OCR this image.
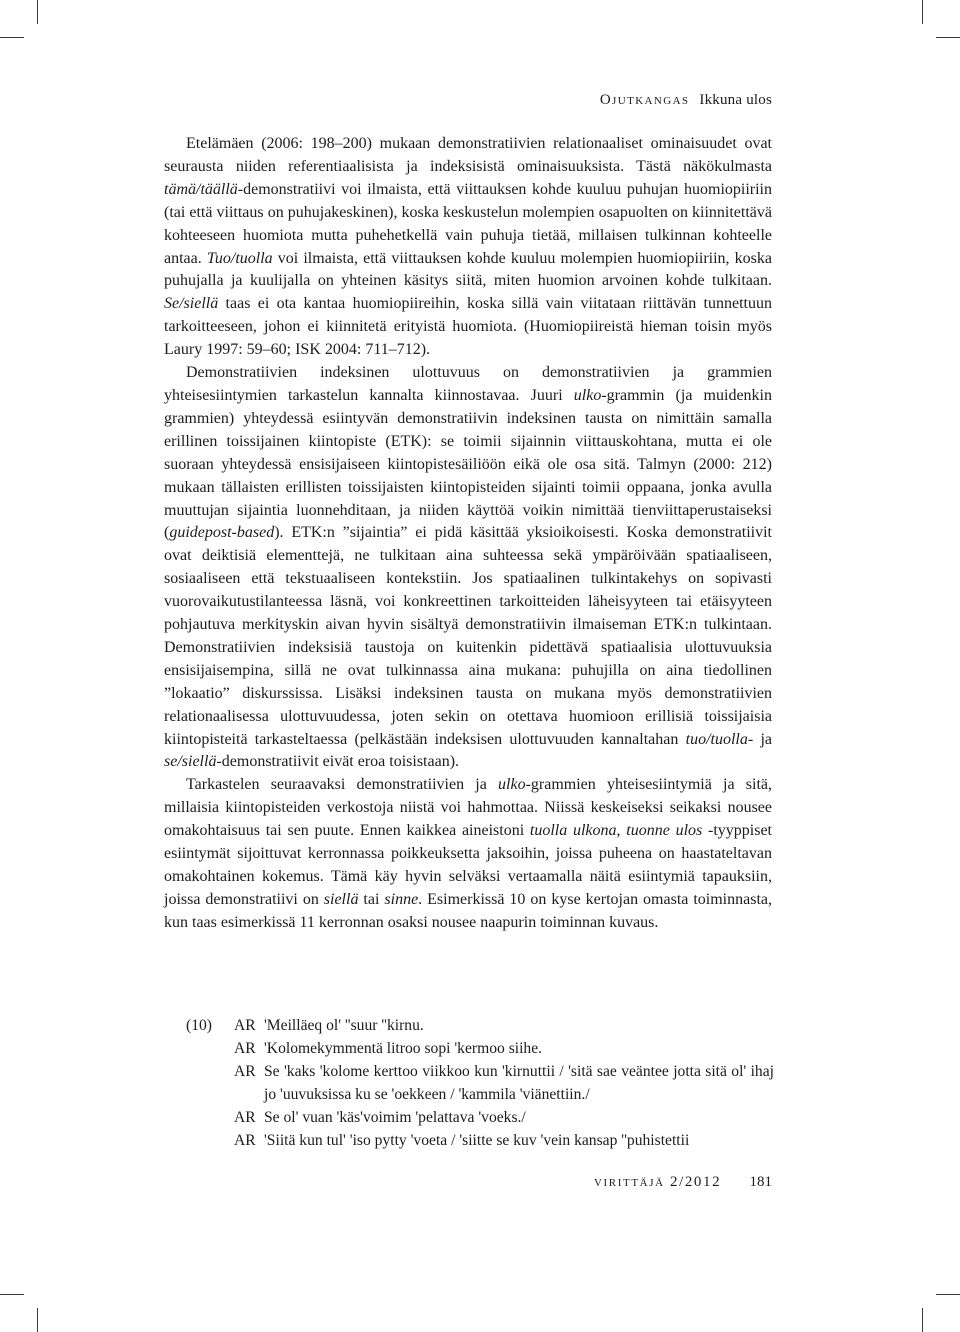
Ojutkangas Ikkuna ulos

Etelämäen (2006: 198–200) mukaan demonstratiivien relationaaliset ominaisuudet ovat seurausta niiden referentiaalisista ja indeksisistä ominaisuuksista. Tästä näkökulmasta tämä/täällä-demonstratiivi voi ilmaista, että viittauksen kohde kuuluu puhujan huomiopiiriin (tai että viittaus on puhujakeskinen), koska keskustelun molempien osapuolten on kiinnitettävä kohteeseen huomiota mutta puhehetkellä vain puhuja tietää, millaisen tulkinnan kohteelle antaa. Tuo/tuolla voi ilmaista, että viittauksen kohde kuuluu molempien huomiopiiriin, koska puhujalla ja kuulijalla on yhteinen käsitys siitä, miten huomion arvoinen kohde tulkitaan. Se/siellä taas ei ota kantaa huomiopiireihin, koska sillä vain viitataan riittävän tunnettuun tarkoitteeseen, johon ei kiinnitetä erityistä huomiota. (Huomiopiireistä hieman toisin myös Laury 1997: 59–60; ISK 2004: 711–712).

Demonstratiivien indeksinen ulottuvuus on demonstratiivien ja grammien yhteisesiintymien tarkastelun kannalta kiinnostavaa. Juuri ulko-grammin (ja muidenkin grammien) yhteydessä esiintyvän demonstratiivin indeksinen tausta on nimittäin samalla erillinen toissijainen kiintopiste (ETK): se toimii sijainnin viittauskohtana, mutta ei ole suoraan yhteydessä ensisijaiseen kiintopistesäiliöön eikä ole osa sitä. Talmyn (2000: 212) mukaan tällaisten erillisten toissijaisten kiintopisteiden sijainti toimii oppaana, jonka avulla muuttujan sijaintia luonnehditaan, ja niiden käyttöä voikin nimittää tienviittaperustaiseksi (guidepost-based). ETK:n ”sijaintia” ei pidä käsittää yksioikoisesti. Koska demonstratiivit ovat deiktisiä elementtejä, ne tulkitaan aina suhteessa sekä ympäröivään spatiaaliseen, sosiaaliseen että tekstuaaliseen kontekstiin. Jos spatiaalinen tulkintakehys on sopivasti vuorovaikutustilanteessa läsnä, voi konkreettinen tarkoitteiden läheisyyteen tai etäisyyteen pohjautuva merkityskin aivan hyvin sisältyä demonstratiivin ilmaiseman ETK:n tulkintaan. Demonstratiivien indeksisiä taustoja on kuitenkin pidettävä spatiaalisia ulottuvuuksia ensisijaisempina, sillä ne ovat tulkinnassa aina mukana: puhujilla on aina tiedollinen ”lokaatio” diskurssissa. Lisäksi indeksinen tausta on mukana myös demonstratiivien relationaalisessa ulottuvuudessa, joten sekin on otettava huomioon erillisiä toissijaisia kiintopisteitä tarkasteltaessa (pelkästään indeksisen ulottuvuuden kannaltahan tuo/tuolla- ja se/siellä-demonstratiivit eivät eroa toisistaan).

Tarkastelen seuraavaksi demonstratiivien ja ulko-grammien yhteisesiintymiä ja sitä, millaisia kiintopisteiden verkostoja niistä voi hahmottaa. Niissä keskeiseksi seikaksi nousee omakohtaisuus tai sen puute. Ennen kaikkea aineistoni tuolla ulkona, tuonne ulos -tyyppiset esiintymät sijoittuvat kerronnassa poikkeuksetta jaksoihin, joissa puheena on haastateltavan omakohtainen kokemus. Tämä käy hyvin selväksi vertaamalla näitä esiintymiä tapauksiin, joissa demonstratiivi on siellä tai sinne. Esimerkissä 10 on kyse kertojan omasta toiminnasta, kun taas esimerkissä 11 kerronnan osaksi nousee naapurin toiminnan kuvaus.

(10) AR 'Meilläeq ol' ''suur ''kirnu.
AR 'Kolomekymmentä litroo sopi 'kermoo siihe.
AR Se 'kaks 'kolome kerttoo viikkoo kun 'kirnuttii / 'sitä sae veäntee jotta sitä ol' ihaj jo 'uuvuksissa ku se 'oekkeen / 'kammila 'viänettiin./
AR Se ol' vuan 'käs'voimim 'pelattava 'voeks./
AR 'Siitä kun tul' 'iso pytty 'voeta / 'siitte se kuv 'vein kansap ''puhistettii
virittäjä 2/2012 181
